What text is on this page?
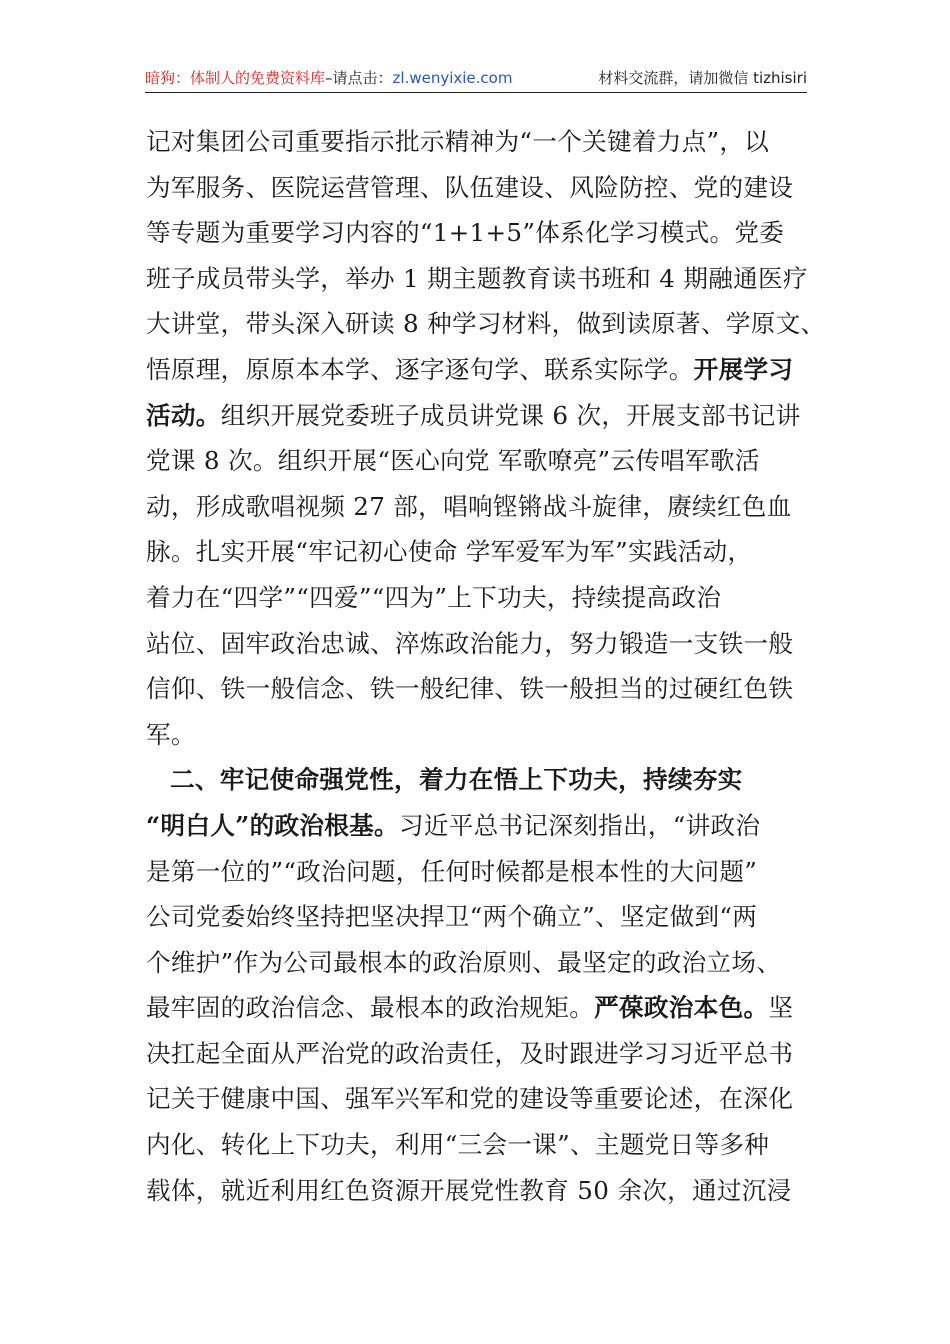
暗狗：体制人的免费资料库–请点击：zl.wenyixie.com	材料交流群，请加微信 tizhisiri
记对集团公司重要指示批示精神为“一个关键着力点”，以
为军服务、医院运营管理、队伍建设、风险防控、党的建设
等专题为重要学习内容的“1+1+5”体系化学习模式。党委
班子成员带头学，举办 1 期主题教育读书班和 4 期融通医疗
大讲堂，带头深入研读 8 种学习材料，做到读原著、学原文、
悟原理，原原本本学、逐字逐句学、联系实际学。开展学习
活动。组织开展党委班子成员讲党课 6 次，开展支部书记讲
党课 8 次。组织开展“医心向党 军歌嘹亮”云传唱军歌活
动，形成歌唱视频 27 部，唱响铿锵战斗旋律，赓续红色血
脉。扎实开展“牢记初心使命 学军爱军为军”实践活动，
着力在“四学”“四爱”“四为”上下功夫，持续提高政治
站位、固牢政治忠诚、淬炼政治能力，努力锻造一支铁一般
信仰、铁一般信念、铁一般纪律、铁一般担当的过硬红色铁
军。
二、牢记使命强党性，着力在悟上下功夫，持续夯实
“明白人”的政治根基。习近平总书记深刻指出，“讲政治
是第一位的”“政治问题，任何时候都是根本性的大问题”
公司党委始终坚持把坚决捍卫“两个确立”、坚定做到“两
个维护”作为公司最根本的政治原则、最坚定的政治立场、
最牢固的政治信念、最根本的政治规矩。严葆政治本色。坚
决扛起全面从严治党的政治责任，及时跟进学习习近平总书
记关于健康中国、强军兴军和党的建设等重要论述，在深化
内化、转化上下功夫，利用“三会一课”、主题党日等多种
载体，就近利用红色资源开展党性教育 50 余次，通过沉浸
